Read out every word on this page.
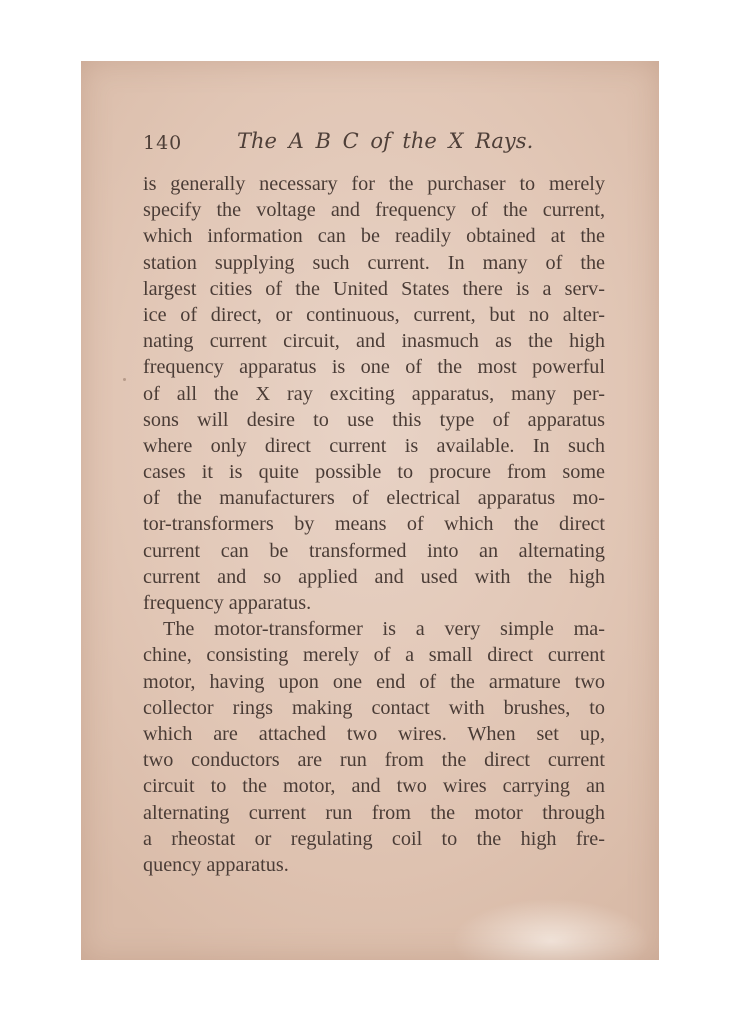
140	The A B C of the X Rays.
is generally necessary for the purchaser to merely
specify the voltage and frequency of the current,
which information can be readily obtained at the
station supplying such current. In many of the
largest cities of the United States there is a serv-
ice of direct, or continuous, current, but no alter-
nating current circuit, and inasmuch as the high
frequency apparatus is one of the most powerful
of all the X ray exciting apparatus, many per-
sons will desire to use this type of apparatus
where only direct current is available. In such
cases it is quite possible to procure from some
of the manufacturers of electrical apparatus mo-
tor-transformers by means of which the direct
current can be transformed into an alternating
current and so applied and used with the high
frequency apparatus.
The motor-transformer is a very simple ma-
chine, consisting merely of a small direct current
motor, having upon one end of the armature two
collector rings making contact with brushes, to
which are attached two wires. When set up,
two conductors are run from the direct current
circuit to the motor, and two wires carrying an
alternating current run from the motor through
a rheostat or regulating coil to the high fre-
quency apparatus.
